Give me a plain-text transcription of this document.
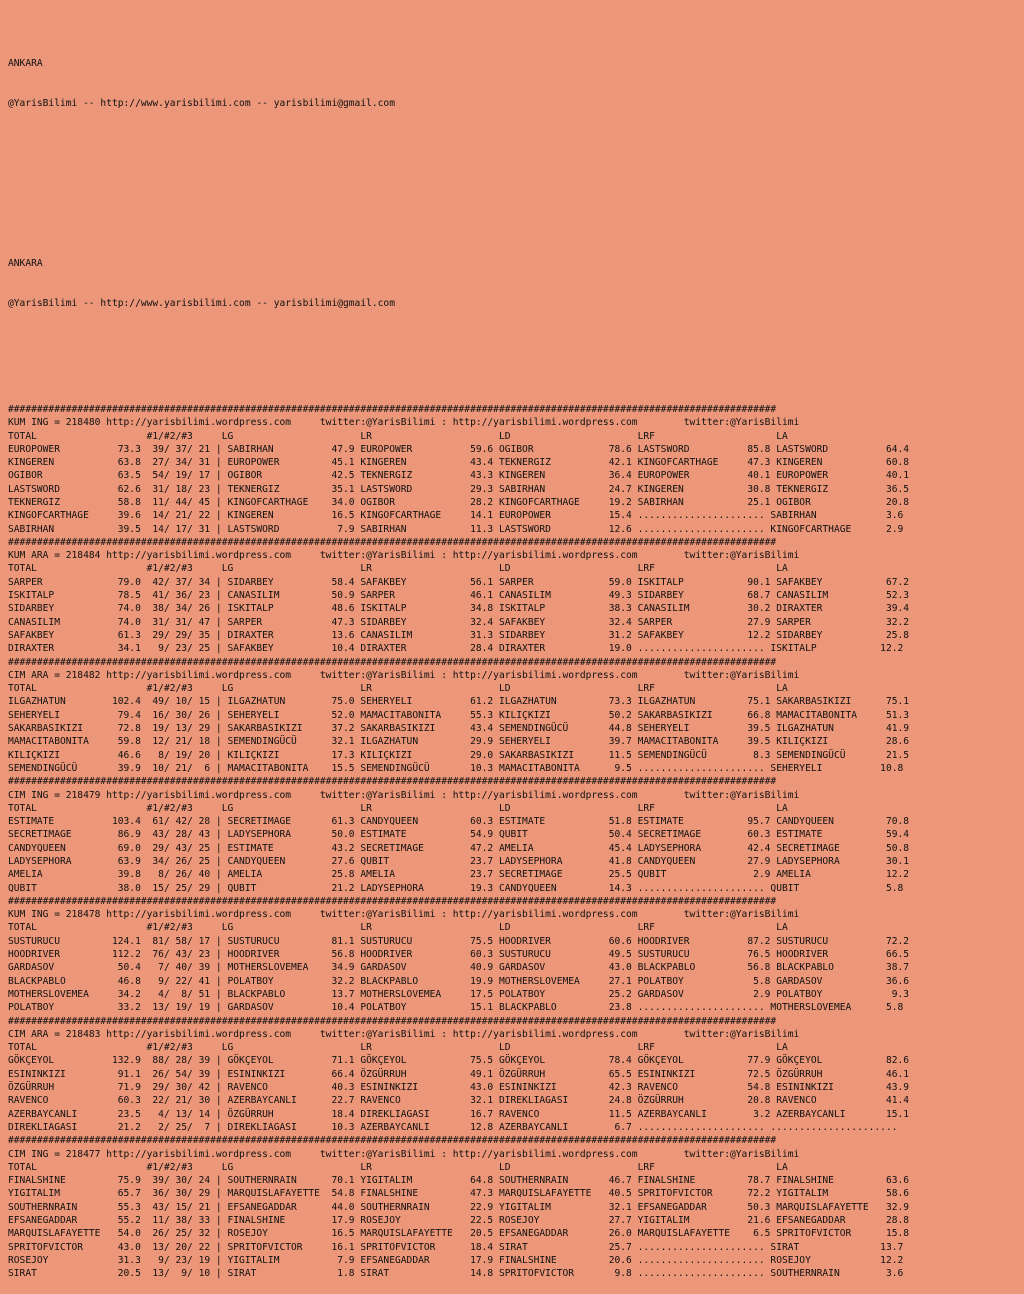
ANKARA

@YarisBilimi -- http://www.yarisbilimi.com -- yarisbilimi@gmail.com

ANKARA

@YarisBilimi -- http://www.yarisbilimi.com -- yarisbilimi@gmail.com

#####################################################################################################################################
KUM ING = 218480 http://yarisbilimi.wordpress.com     twitter:@YarisBilimi : http://yarisbilimi.wordpress.com        twitter:@YarisBilimi
TOTAL                   #1/#2/#3     LG                      LR                      LD                      LRF                     LA
EUROPOWER          73.3  39/ 37/ 21 | SABIRHAN          47.9 EUROPOWER          59.6 OGIBOR             78.6 LASTSWORD          85.8 LASTSWORD          64.4
KINGEREN           63.8  27/ 34/ 31 | EUROPOWER         45.1 KINGEREN           43.4 TEKNERGIZ          42.1 KINGOFCARTHAGE     47.3 KINGEREN           60.8
OGIBOR             63.5  54/ 19/ 17 | OGIBOR            42.5 TEKNERGIZ          43.3 KINGEREN           36.4 EUROPOWER          40.1 EUROPOWER          40.1
LASTSWORD          62.6  31/ 18/ 23 | TEKNERGIZ         35.1 LASTSWORD          29.3 SABIRHAN           24.7 KINGEREN           30.8 TEKNERGIZ          36.5
TEKNERGIZ          58.8  11/ 44/ 45 | KINGOFCARTHAGE    34.0 OGIBOR             28.2 KINGOFCARTHAGE     19.2 SABIRHAN           25.1 OGIBOR             20.8
KINGOFCARTHAGE     39.6  14/ 21/ 22 | KINGEREN          16.5 KINGOFCARTHAGE     14.1 EUROPOWER          15.4 ...................... SABIRHAN            3.6
SABIRHAN           39.5  14/ 17/ 31 | LASTSWORD          7.9 SABIRHAN           11.3 LASTSWORD          12.6 ...................... KINGOFCARTHAGE      2.9
#####################################################################################################################################
KUM ARA = 218484 http://yarisbilimi.wordpress.com     twitter:@YarisBilimi : http://yarisbilimi.wordpress.com        twitter:@YarisBilimi
TOTAL                   #1/#2/#3     LG                      LR                      LD                      LRF                     LA
SARPER             79.0  42/ 37/ 34 | SIDARBEY          58.4 SAFAKBEY           56.1 SARPER             59.0 ISKITALP           90.1 SAFAKBEY           67.2
ISKITALP           78.5  41/ 36/ 23 | CANASILIM         50.9 SARPER             46.1 CANASILIM          49.3 SIDARBEY           68.7 CANASILIM          52.3
SIDARBEY           74.0  38/ 34/ 26 | ISKITALP          48.6 ISKITALP           34.8 ISKITALP           38.3 CANASILIM          30.2 DIRAXTER           39.4
CANASILIM          74.0  31/ 31/ 47 | SARPER            47.3 SIDARBEY           32.4 SAFAKBEY           32.4 SARPER             27.9 SARPER             32.2
SAFAKBEY           61.3  29/ 29/ 35 | DIRAXTER          13.6 CANASILIM          31.3 SIDARBEY           31.2 SAFAKBEY           12.2 SIDARBEY           25.8
DIRAXTER           34.1   9/ 23/ 25 | SAFAKBEY          10.4 DIRAXTER           28.4 DIRAXTER           19.0 ...................... ISKITALP           12.2
#####################################################################################################################################
CIM ARA = 218482 http://yarisbilimi.wordpress.com     twitter:@YarisBilimi : http://yarisbilimi.wordpress.com        twitter:@YarisBilimi
TOTAL                   #1/#2/#3     LG                      LR                      LD                      LRF                     LA
ILGAZHATUN        102.4  49/ 10/ 15 | ILGAZHATUN        75.0 SEHERYELI          61.2 ILGAZHATUN         73.3 ILGAZHATUN         75.1 SAKARBASIKIZI      75.1
SEHERYELI          79.4  16/ 30/ 26 | SEHERYELI         52.0 MAMACITABONITA     55.3 KILIÇKIZI          50.2 SAKARBASIKIZI      66.8 MAMACITABONITA     51.3
SAKARBASIKIZI      72.8  19/ 13/ 29 | SAKARBASIKIZI     37.2 SAKARBASIKIZI      43.4 SEMENDINGÜCÜ       44.8 SEHERYELI          39.5 ILGAZHATUN         41.9
MAMACITABONITA     59.8  12/ 21/ 18 | SEMENDINGÜCÜ      32.1 ILGAZHATUN         29.9 SEHERYELI          39.7 MAMACITABONITA     39.5 KILIÇKIZI          28.6
KILIÇKIZI          46.6   8/ 19/ 20 | KILIÇKIZI         17.3 KILIÇKIZI          29.0 SAKARBASIKIZI      11.5 SEMENDINGÜCÜ        8.3 SEMENDINGÜCÜ       21.5
SEMENDINGÜCÜ       39.9  10/ 21/  6 | MAMACITABONITA    15.5 SEMENDINGÜCÜ       10.3 MAMACITABONITA      9.5 ...................... SEHERYELI          10.8
#####################################################################################################################################
CIM ING = 218479 http://yarisbilimi.wordpress.com     twitter:@YarisBilimi : http://yarisbilimi.wordpress.com        twitter:@YarisBilimi
TOTAL                   #1/#2/#3     LG                      LR                      LD                      LRF                     LA
ESTIMATE          103.4  61/ 42/ 28 | SECRETIMAGE       61.3 CANDYQUEEN         60.3 ESTIMATE           51.8 ESTIMATE           95.7 CANDYQUEEN         70.8
SECRETIMAGE        86.9  43/ 28/ 43 | LADYSEPHORA       50.0 ESTIMATE           54.9 QUBIT              50.4 SECRETIMAGE        60.3 ESTIMATE           59.4
CANDYQUEEN         69.0  29/ 43/ 25 | ESTIMATE          43.2 SECRETIMAGE        47.2 AMELIA             45.4 LADYSEPHORA        42.4 SECRETIMAGE        50.8
LADYSEPHORA        63.9  34/ 26/ 25 | CANDYQUEEN        27.6 QUBIT              23.7 LADYSEPHORA        41.8 CANDYQUEEN         27.9 LADYSEPHORA        30.1
AMELIA             39.8   8/ 26/ 40 | AMELIA            25.8 AMELIA             23.7 SECRETIMAGE        25.5 QUBIT               2.9 AMELIA             12.2
QUBIT              38.0  15/ 25/ 29 | QUBIT             21.2 LADYSEPHORA        19.3 CANDYQUEEN         14.3 ...................... QUBIT               5.8
#####################################################################################################################################
KUM ING = 218478 http://yarisbilimi.wordpress.com     twitter:@YarisBilimi : http://yarisbilimi.wordpress.com        twitter:@YarisBilimi
TOTAL                   #1/#2/#3     LG                      LR                      LD                      LRF                     LA
SUSTURUCU         124.1  81/ 58/ 17 | SUSTURUCU         81.1 SUSTURUCU          75.5 HOODRIVER          60.6 HOODRIVER          87.2 SUSTURUCU          72.2
HOODRIVER         112.2  76/ 43/ 23 | HOODRIVER         56.8 HOODRIVER          60.3 SUSTURUCU          49.5 SUSTURUCU          76.5 HOODRIVER          66.5
GARDASOV           50.4   7/ 40/ 39 | MOTHERSLOVEMEA    34.9 GARDASOV           40.9 GARDASOV           43.0 BLACKPABLO         56.8 BLACKPABLO         38.7
BLACKPABLO         46.8   9/ 22/ 41 | POLATBOY          32.2 BLACKPABLO         19.9 MOTHERSLOVEMEA     27.1 POLATBOY            5.8 GARDASOV           36.6
MOTHERSLOVEMEA     34.2   4/  8/ 51 | BLACKPABLO        13.7 MOTHERSLOVEMEA     17.5 POLATBOY           25.2 GARDASOV            2.9 POLATBOY            9.3
POLATBOY           33.2  13/ 19/ 19 | GARDASOV          10.4 POLATBOY           15.1 BLACKPABLO         23.8 ...................... MOTHERSLOVEMEA      5.8
#####################################################################################################################################
CIM ARA = 218483 http://yarisbilimi.wordpress.com     twitter:@YarisBilimi : http://yarisbilimi.wordpress.com        twitter:@YarisBilimi
TOTAL                   #1/#2/#3     LG                      LR                      LD                      LRF                     LA
GÖKÇEYOL          132.9  88/ 28/ 39 | GÖKÇEYOL          71.1 GÖKÇEYOL           75.5 GÖKÇEYOL           78.4 GÖKÇEYOL           77.9 GÖKÇEYOL           82.6
ESININKIZI         91.1  26/ 54/ 39 | ESININKIZI        66.4 ÖZGÜRRUH           49.1 ÖZGÜRRUH           65.5 ESININKIZI         72.5 ÖZGÜRRUH           46.1
ÖZGÜRRUH           71.9  29/ 30/ 42 | RAVENCO           40.3 ESININKIZI         43.0 ESININKIZI         42.3 RAVENCO            54.8 ESININKIZI         43.9
RAVENCO            60.3  22/ 21/ 30 | AZERBAYCANLI      22.7 RAVENCO            32.1 DIREKLIAGASI       24.8 ÖZGÜRRUH           20.8 RAVENCO            41.4
AZERBAYCANLI       23.5   4/ 13/ 14 | ÖZGÜRRUH          18.4 DIREKLIAGASI       16.7 RAVENCO            11.5 AZERBAYCANLI        3.2 AZERBAYCANLI       15.1
DIREKLIAGASI       21.2   2/ 25/  7 | DIREKLIAGASI      10.3 AZERBAYCANLI       12.8 AZERBAYCANLI        6.7 ...................... ......................
#####################################################################################################################################
CIM ING = 218477 http://yarisbilimi.wordpress.com     twitter:@YarisBilimi : http://yarisbilimi.wordpress.com        twitter:@YarisBilimi
TOTAL                   #1/#2/#3     LG                      LR                      LD                      LRF                     LA
FINALSHINE         75.9  39/ 30/ 24 | SOUTHERNRAIN      70.1 YIGITALIM          64.8 SOUTHERNRAIN       46.7 FINALSHINE         78.7 FINALSHINE         63.6
YIGITALIM          65.7  36/ 30/ 29 | MARQUISLAFAYETTE  54.8 FINALSHINE         47.3 MARQUISLAFAYETTE   40.5 SPRITOFVICTOR      72.2 YIGITALIM          58.6
SOUTHERNRAIN       55.3  43/ 15/ 21 | EFSANEGADDAR      44.0 SOUTHERNRAIN       22.9 YIGITALIM          32.1 EFSANEGADDAR       50.3 MARQUISLAFAYETTE   32.9
EFSANEGADDAR       55.2  11/ 38/ 33 | FINALSHINE        17.9 ROSEJOY            22.5 ROSEJOY            27.7 YIGITALIM          21.6 EFSANEGADDAR       28.8
MARQUISLAFAYETTE   54.0  26/ 25/ 32 | ROSEJOY           16.5 MARQUISLAFAYETTE   20.5 EFSANEGADDAR       26.0 MARQUISLAFAYETTE    6.5 SPRITOFVICTOR      15.8
SPRITOFVICTOR      43.0  13/ 20/ 22 | SPRITOFVICTOR     16.1 SPRITOFVICTOR      18.4 SIRAT              25.7 ...................... SIRAT              13.7
ROSEJOY            31.3   9/ 23/ 19 | YIGITALIM          7.9 EFSANEGADDAR       17.9 FINALSHINE         20.6 ...................... ROSEJOY            12.2
SIRAT              20.5  13/  9/ 10 | SIRAT              1.8 SIRAT              14.8 SPRITOFVICTOR       9.8 ...................... SOUTHERNRAIN        3.6
